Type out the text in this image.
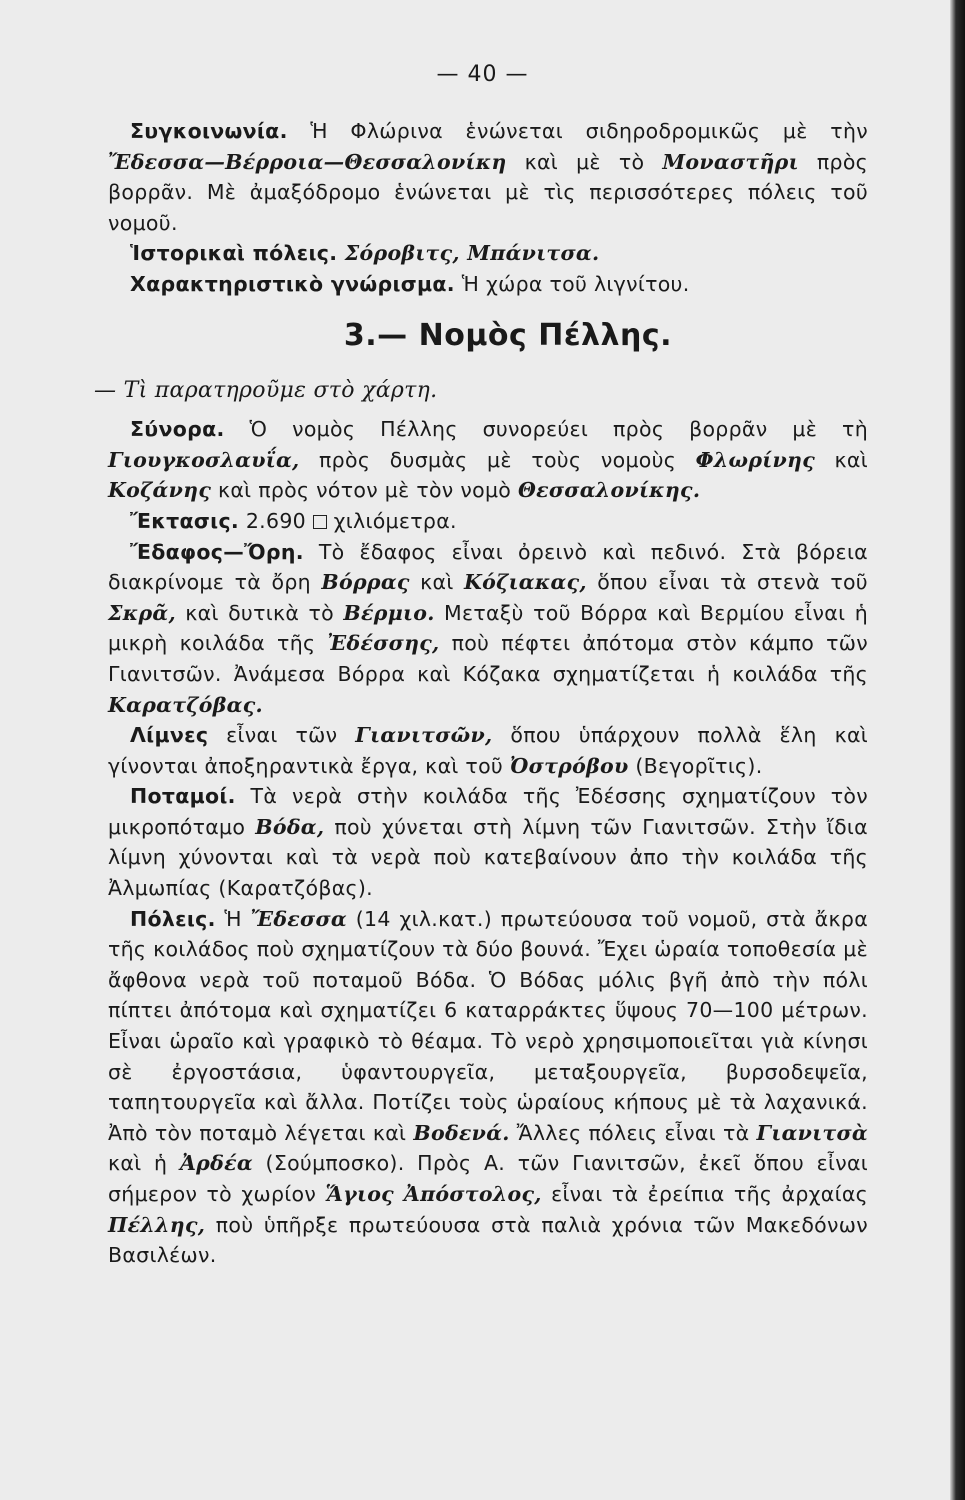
— 40 —

Συγκοινωνία. Ἡ Φλώρινα ἑνώνεται σιδηροδρομικῶς μὲ τὴν Ἔδεσσα—Βέρροια—Θεσσαλονίκη καὶ μὲ τὸ Μοναστῆρι πρὸς βορρᾶν. Μὲ ἀμαξόδρομο ἑνώνεται μὲ τὶς περισσότερες πόλεις τοῦ νομοῦ.

Ἱστορικαὶ πόλεις. Σόροβιτς, Μπάνιτσα.

Χαρακτηριστικὸ γνώρισμα. Ἡ χώρα τοῦ λιγνίτου.

3.— Νομὸς Πέλλης.

— Τὶ παρατηροῦμε στὸ χάρτη.

Σύνορα. Ὁ νομὸς Πέλλης συνορεύει πρὸς βορρᾶν μὲ τὴ Γιουγκοσλαυΐα, πρὸς δυσμὰς μὲ τοὺς νομοὺς Φλωρίνης καὶ Κοζάνης καὶ πρὸς νότον μὲ τὸν νομὸ Θεσσαλονίκης.

Ἔκτασις. 2.690  χιλιόμετρα.

Ἔδαφος—Ὄρη. Τὸ ἔδαφος εἶναι ὀρεινὸ καὶ πεδινό. Στὰ βόρεια διακρίνομε τὰ ὄρη Βόρρας καὶ Κόζιακας, ὅπου εἶναι τὰ στενὰ τοῦ Σκρᾶ, καὶ δυτικὰ τὸ Βέρμιο. Μεταξὺ τοῦ Βόρρα καὶ Βερμίου εἶναι ἡ μικρὴ κοιλάδα τῆς Ἐδέσσης, ποὺ πέφτει ἀπότομα στὸν κάμπο τῶν Γιανιτσῶν. Ἀνάμεσα Βόρρα καὶ Κόζακα σχηματίζεται ἡ κοιλάδα τῆς Καρατζόβας.

Λίμνες εἶναι τῶν Γιανιτσῶν, ὅπου ὑπάρχουν πολλὰ ἕλη καὶ γίνονται ἀποξηραντικὰ ἔργα, καὶ τοῦ Ὀστρόβου (Βεγορῖτις).

Ποταμοί. Τὰ νερὰ στὴν κοιλάδα τῆς Ἐδέσσης σχηματίζουν τὸν μικροπόταμο Βόδα, ποὺ χύνεται στὴ λίμνη τῶν Γιανιτσῶν. Στὴν ἴδια λίμνη χύνονται καὶ τὰ νερὰ ποὺ κατεβαίνουν ἀπο τὴν κοιλάδα τῆς Ἀλμωπίας (Καρατζόβας).

Πόλεις. Ἡ Ἔδεσσα (14 χιλ.κατ.) πρωτεύουσα τοῦ νομοῦ, στὰ ἄκρα τῆς κοιλάδος ποὺ σχηματίζουν τὰ δύο βουνά. Ἔχει ὡραία τοποθεσία μὲ ἄφθονα νερὰ τοῦ ποταμοῦ Βόδα. Ὁ Βόδας μόλις βγῆ ἀπὸ τὴν πόλι πίπτει ἀπότομα καὶ σχηματίζει 6 καταρράκτες ὕψους 70—100 μέτρων. Εἶναι ὡραῖο καὶ γραφικὸ τὸ θέαμα. Τὸ νερὸ χρησιμοποιεῖται γιὰ κίνησι σὲ ἐργοστάσια, ὑφαντουργεῖα, μεταξουργεῖα, βυρσοδεψεῖα, ταπητουργεῖα καὶ ἄλλα. Ποτίζει τοὺς ὡραίους κήπους μὲ τὰ λαχανικά. Ἀπὸ τὸν ποταμὸ λέγεται καὶ Βοδενά. Ἄλλες πόλεις εἶναι τὰ Γιανιτσὰ καὶ ἡ Ἀρδέα (Σούμποσκο). Πρὸς Α. τῶν Γιανιτσῶν, ἐκεῖ ὅπου εἶναι σήμερον τὸ χωρίον Ἅγιος Ἀπόστολος, εἶναι τὰ ἐρείπια τῆς ἀρχαίας Πέλλης, ποὺ ὑπῆρξε πρωτεύουσα στὰ παλιὰ χρόνια τῶν Μακεδόνων Βασιλέων.
